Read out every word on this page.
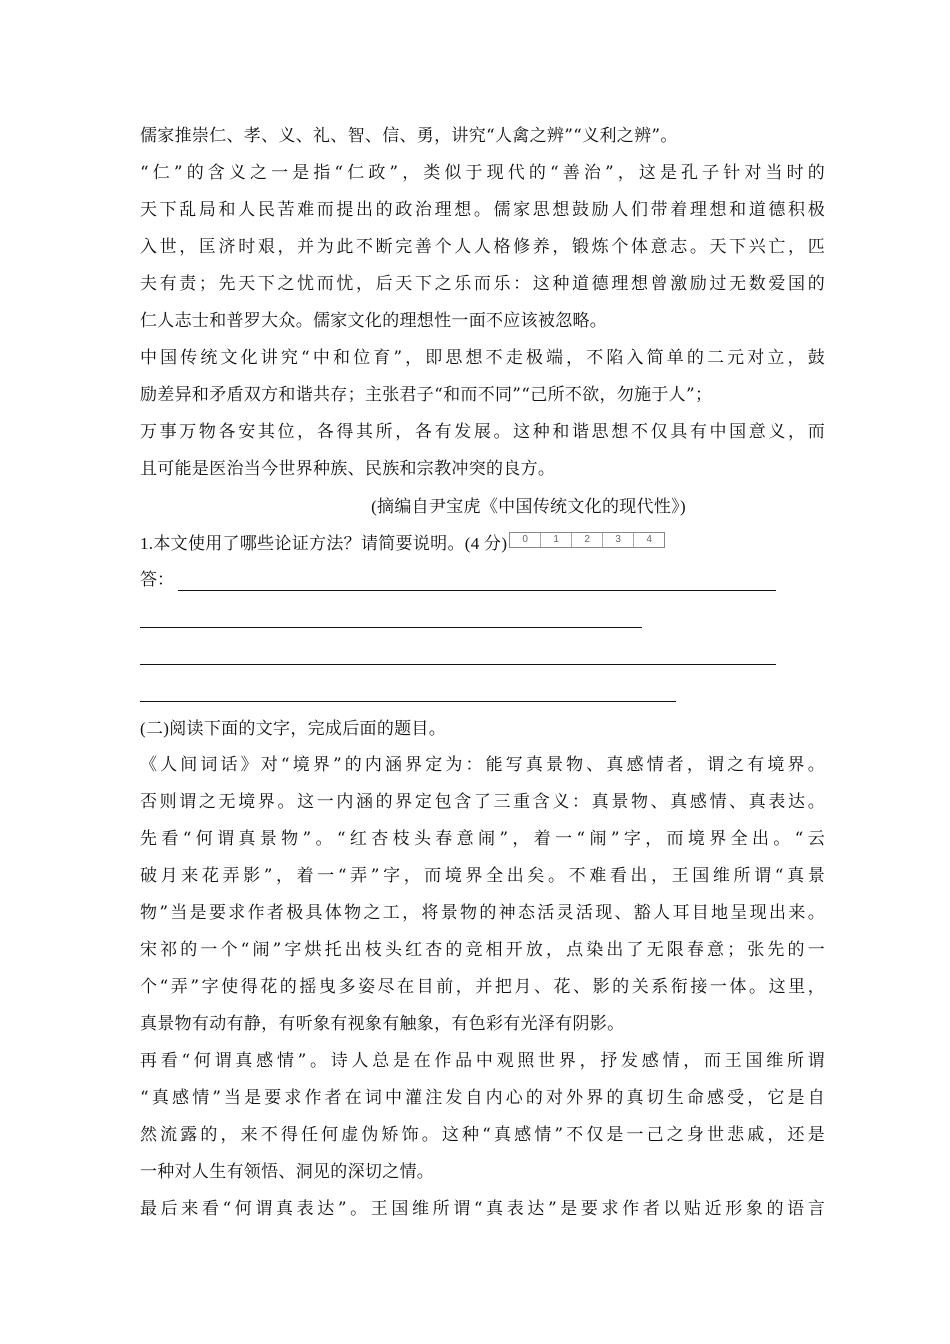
儒家推崇仁、孝、义、礼、智、信、勇，讲究“人禽之辨”“义利之辨”。
“仁”的含义之一是指“仁政”，类似于现代的“善治”，这是孔子针对当时的
天下乱局和人民苦难而提出的政治理想。儒家思想鼓励人们带着理想和道德积极
入世，匡济时艰，并为此不断完善个人人格修养，锻炼个体意志。天下兴亡，匹
夫有责；先天下之忧而忧，后天下之乐而乐：这种道德理想曾激励过无数爱国的
仁人志士和普罗大众。儒家文化的理想性一面不应该被忽略。
中国传统文化讲究“中和位育”，即思想不走极端，不陷入简单的二元对立，鼓
励差异和矛盾双方和谐共存；主张君子“和而不同”“己所不欲，勿施于人”；
万事万物各安其位，各得其所，各有发展。这种和谐思想不仅具有中国意义，而
且可能是医治当今世界种族、民族和宗教冲突的良方。
(摘编自尹宝虎《中国传统文化的现代性》)
1.本文使用了哪些论证方法？请简要说明。(4 分)	0	1	2	3	4
答：
(二)阅读下面的文字，完成后面的题目。
《人间词话》对“境界”的内涵界定为：能写真景物、真感情者，谓之有境界。
否则谓之无境界。这一内涵的界定包含了三重含义：真景物、真感情、真表达。
先看“何谓真景物”。“红杏枝头春意闹”，着一“闹”字，而境界全出。“云
破月来花弄影”，着一“弄”字，而境界全出矣。不难看出，王国维所谓“真景
物”当是要求作者极具体物之工，将景物的神态活灵活现、豁人耳目地呈现出来。
宋祁的一个“闹”字烘托出枝头红杏的竞相开放，点染出了无限春意；张先的一
个“弄”字使得花的摇曳多姿尽在目前，并把月、花、影的关系衔接一体。这里，
真景物有动有静，有听象有视象有触象，有色彩有光泽有阴影。
再看“何谓真感情”。诗人总是在作品中观照世界，抒发感情，而王国维所谓
“真感情”当是要求作者在词中灌注发自内心的对外界的真切生命感受，它是自
然流露的，来不得任何虚伪矫饰。这种“真感情”不仅是一己之身世悲戚，还是
一种对人生有领悟、洞见的深切之情。
最后来看“何谓真表达”。王国维所谓“真表达”是要求作者以贴近形象的语言
